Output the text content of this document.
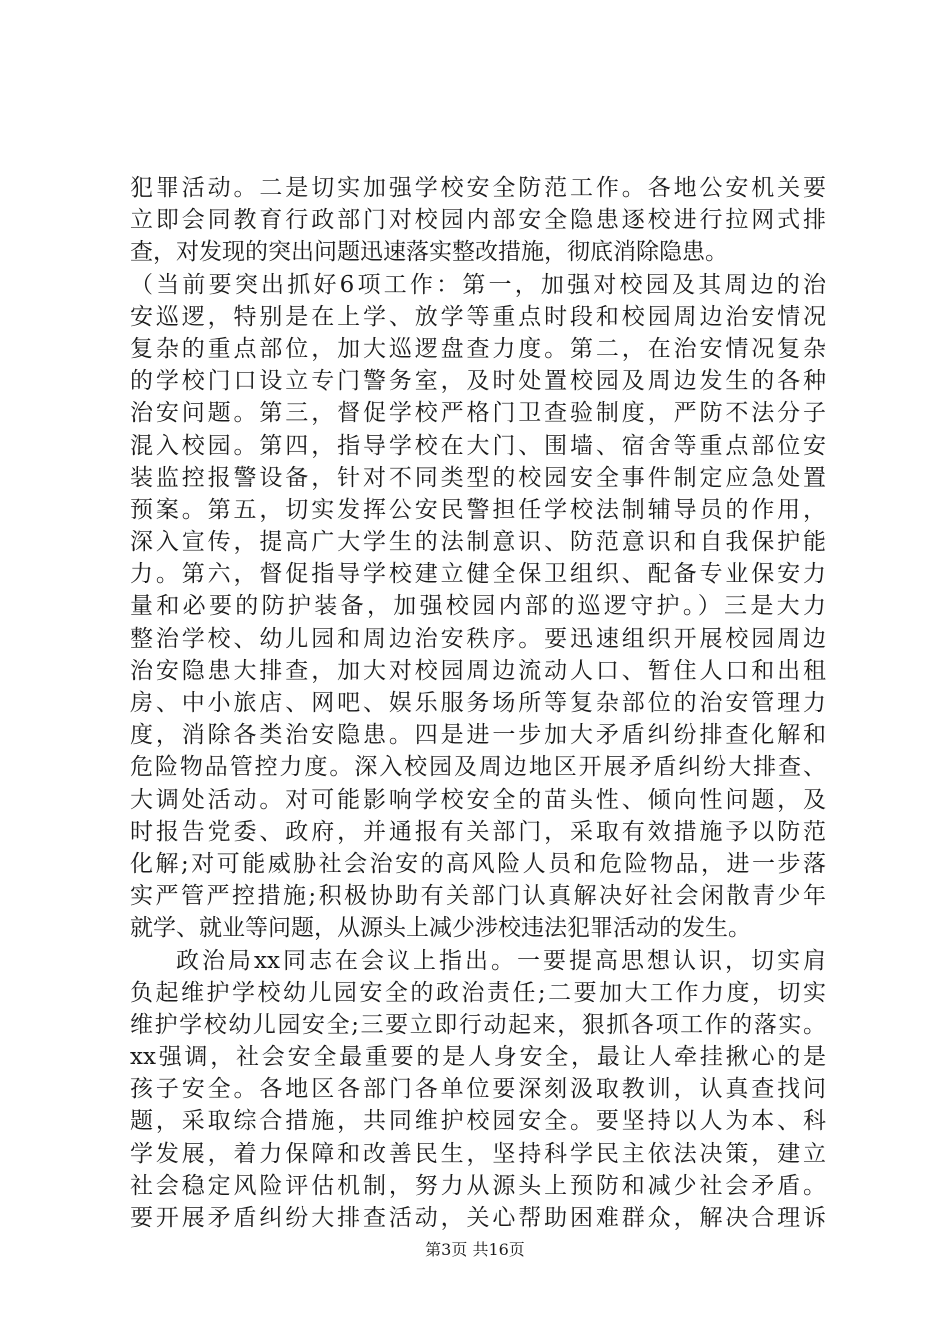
犯罪活动。二是切实加强学校安全防范工作。各地公安机关要
立即会同教育行政部门对校园内部安全隐患逐校进行拉网式排
查，对发现的突出问题迅速落实整改措施，彻底消除隐患。
（当前要突出抓好6项工作：第一，加强对校园及其周边的治
安巡逻，特别是在上学、放学等重点时段和校园周边治安情况
复杂的重点部位，加大巡逻盘查力度。第二，在治安情况复杂
的学校门口设立专门警务室，及时处置校园及周边发生的各种
治安问题。第三，督促学校严格门卫查验制度，严防不法分子
混入校园。第四，指导学校在大门、围墙、宿舍等重点部位安
装监控报警设备，针对不同类型的校园安全事件制定应急处置
预案。第五，切实发挥公安民警担任学校法制辅导员的作用，
深入宣传，提高广大学生的法制意识、防范意识和自我保护能
力。第六，督促指导学校建立健全保卫组织、配备专业保安力
量和必要的防护装备，加强校园内部的巡逻守护。）三是大力
整治学校、幼儿园和周边治安秩序。要迅速组织开展校园周边
治安隐患大排查，加大对校园周边流动人口、暂住人口和出租
房、中小旅店、网吧、娱乐服务场所等复杂部位的治安管理力
度，消除各类治安隐患。四是进一步加大矛盾纠纷排查化解和
危险物品管控力度。深入校园及周边地区开展矛盾纠纷大排查、
大调处活动。对可能影响学校安全的苗头性、倾向性问题，及
时报告党委、政府，并通报有关部门，采取有效措施予以防范
化解;对可能威胁社会治安的高风险人员和危险物品，进一步落
实严管严控措施;积极协助有关部门认真解决好社会闲散青少年
就学、就业等问题，从源头上减少涉校违法犯罪活动的发生。
政治局xx同志在会议上指出。一要提高思想认识，切实肩
负起维护学校幼儿园安全的政治责任;二要加大工作力度，切实
维护学校幼儿园安全;三要立即行动起来，狠抓各项工作的落实。
xx强调，社会安全最重要的是人身安全，最让人牵挂揪心的是
孩子安全。各地区各部门各单位要深刻汲取教训，认真查找问
题，采取综合措施，共同维护校园安全。要坚持以人为本、科
学发展，着力保障和改善民生，坚持科学民主依法决策，建立
社会稳定风险评估机制，努力从源头上预防和减少社会矛盾。
要开展矛盾纠纷大排查活动，关心帮助困难群众，解决合理诉
第3页 共16页
